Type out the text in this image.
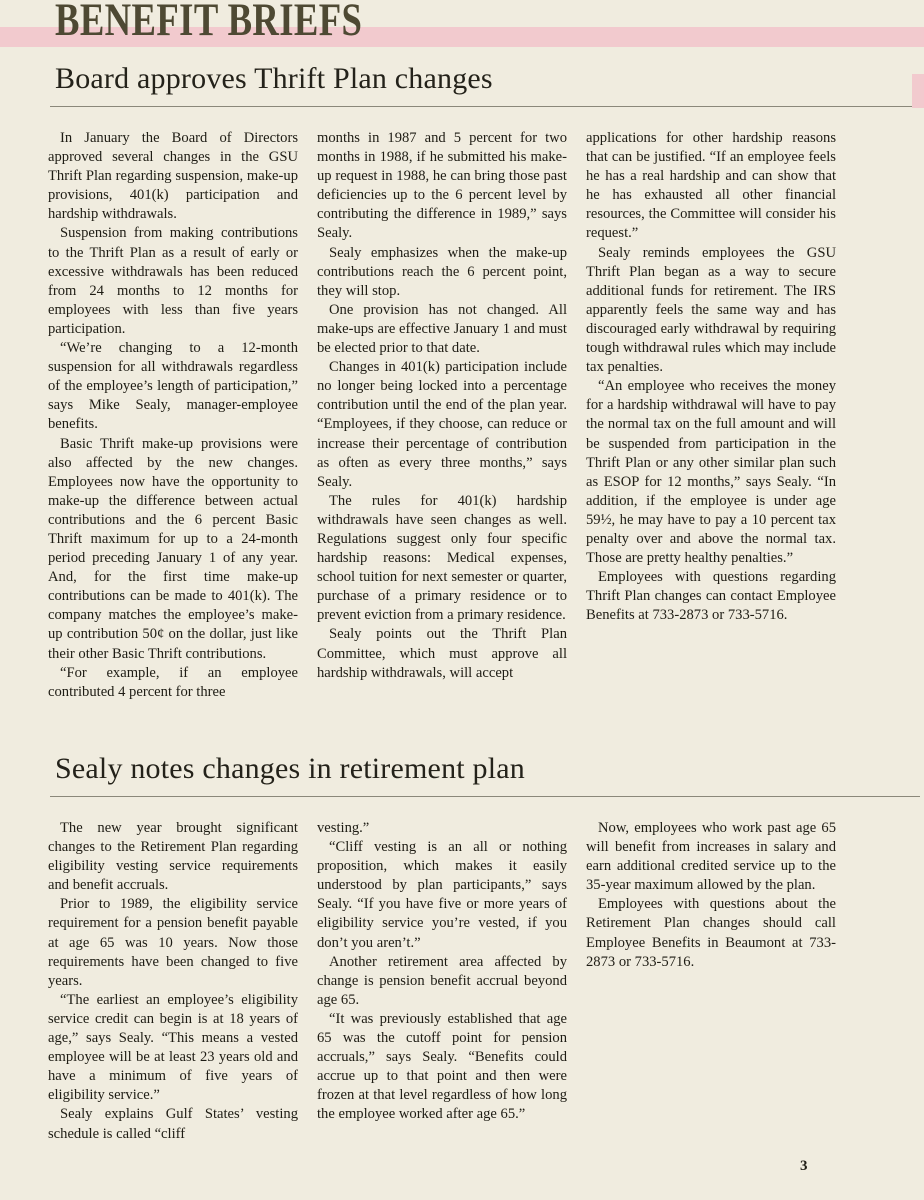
BENEFIT BRIEFS
Board approves Thrift Plan changes

In January the Board of Directors approved several changes in the GSU Thrift Plan regarding suspension, make-up provisions, 401(k) participation and hardship withdrawals.

Suspension from making contributions to the Thrift Plan as a result of early or excessive withdrawals has been reduced from 24 months to 12 months for employees with less than five years participation.

“We’re changing to a 12-month suspension for all withdrawals regardless of the employee’s length of participation,” says Mike Sealy, manager-employee benefits.

Basic Thrift make-up provisions were also affected by the new changes. Employees now have the opportunity to make-up the difference between actual contributions and the 6 percent Basic Thrift maximum for up to a 24-month period preceding January 1 of any year. And, for the first time make-up contributions can be made to 401(k). The company matches the employee’s make-up contribution 50¢ on the dollar, just like their other Basic Thrift contributions.

“For example, if an employee contributed 4 percent for three

months in 1987 and 5 percent for two months in 1988, if he submitted his make-up request in 1988, he can bring those past deficiencies up to the 6 percent level by contributing the difference in 1989,” says Sealy.

Sealy emphasizes when the make-up contributions reach the 6 percent point, they will stop.

One provision has not changed. All make-ups are effective January 1 and must be elected prior to that date.

Changes in 401(k) participation include no longer being locked into a percentage contribution until the end of the plan year. “Employees, if they choose, can reduce or increase their percentage of contribution as often as every three months,” says Sealy.

The rules for 401(k) hardship withdrawals have seen changes as well. Regulations suggest only four specific hardship reasons: Medical expenses, school tuition for next semester or quarter, purchase of a primary residence or to prevent eviction from a primary residence.

Sealy points out the Thrift Plan Committee, which must approve all hardship withdrawals, will accept

applications for other hardship reasons that can be justified. “If an employee feels he has a real hardship and can show that he has exhausted all other financial resources, the Committee will consider his request.”

Sealy reminds employees the GSU Thrift Plan began as a way to secure additional funds for retirement. The IRS apparently feels the same way and has discouraged early withdrawal by requiring tough withdrawal rules which may include tax penalties.

“An employee who receives the money for a hardship withdrawal will have to pay the normal tax on the full amount and will be suspended from participation in the Thrift Plan or any other similar plan such as ESOP for 12 months,” says Sealy. “In addition, if the employee is under age 59½, he may have to pay a 10 percent tax penalty over and above the normal tax. Those are pretty healthy penalties.”

Employees with questions regarding Thrift Plan changes can contact Employee Benefits at 733-2873 or 733-5716.

Sealy notes changes in retirement plan

The new year brought significant changes to the Retirement Plan regarding eligibility vesting service requirements and benefit accruals.

Prior to 1989, the eligibility service requirement for a pension benefit payable at age 65 was 10 years. Now those requirements have been changed to five years.

“The earliest an employee’s eligibility service credit can begin is at 18 years of age,” says Sealy. “This means a vested employee will be at least 23 years old and have a minimum of five years of eligibility service.”

Sealy explains Gulf States’ vesting schedule is called “cliff

vesting.”

“Cliff vesting is an all or nothing proposition, which makes it easily understood by plan participants,” says Sealy. “If you have five or more years of eligibility service you’re vested, if you don’t you aren’t.”

Another retirement area affected by change is pension benefit accrual beyond age 65.

“It was previously established that age 65 was the cutoff point for pension accruals,” says Sealy. “Benefits could accrue up to that point and then were frozen at that level regardless of how long the employee worked after age 65.”

Now, employees who work past age 65 will benefit from increases in salary and earn additional credited service up to the 35-year maximum allowed by the plan.

Employees with questions about the Retirement Plan changes should call Employee Benefits in Beaumont at 733-2873 or 733-5716.

3
